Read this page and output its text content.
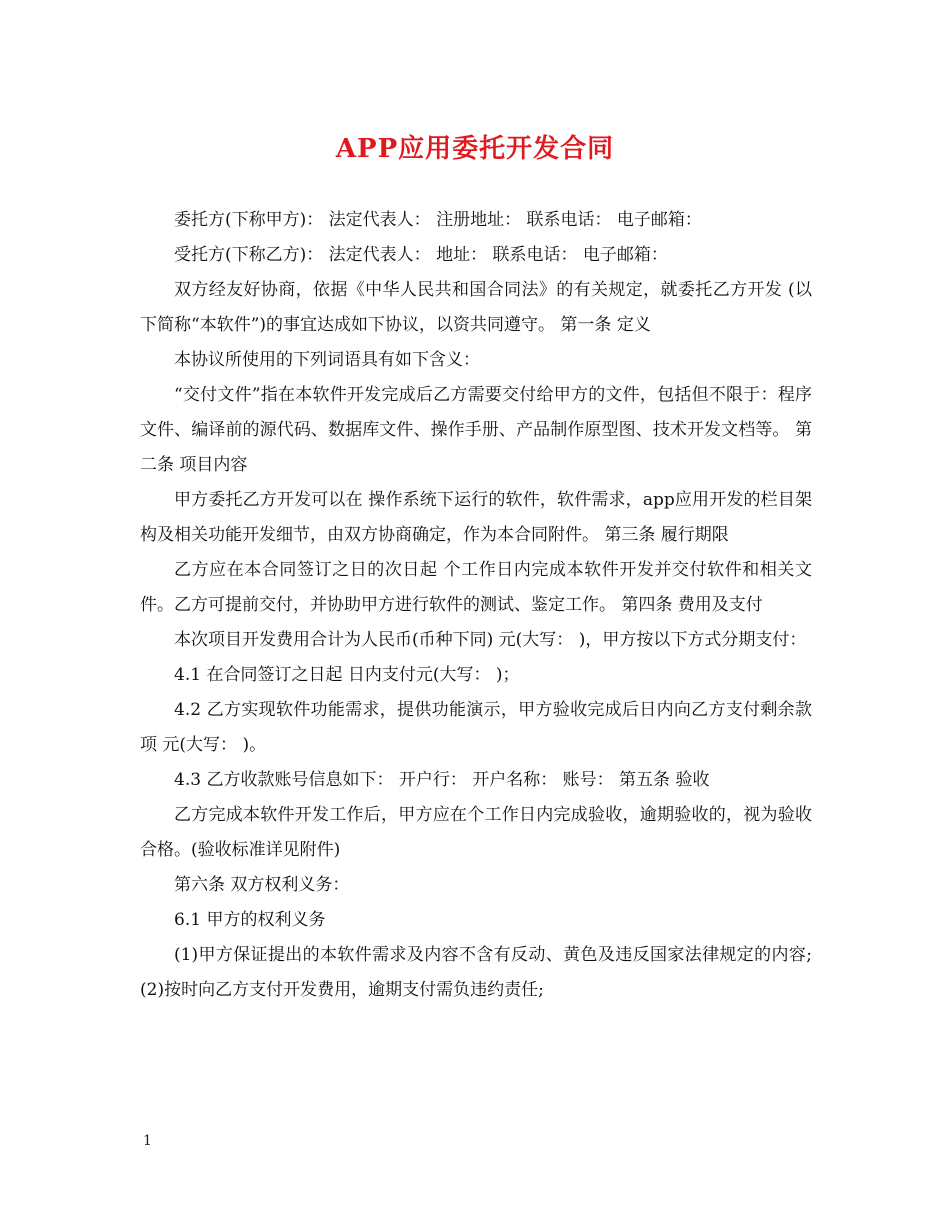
APP应用委托开发合同

委托方(下称甲方)： 法定代表人： 注册地址： 联系电话： 电子邮箱：

受托方(下称乙方)： 法定代表人： 地址： 联系电话： 电子邮箱：

双方经友好协商，依据《中华人民共和国合同法》的有关规定，就委托乙方开发 (以下简称“本软件”)的事宜达成如下协议，以资共同遵守。 第一条 定义

本协议所使用的下列词语具有如下含义：

“交付文件”指在本软件开发完成后乙方需要交付给甲方的文件，包括但不限于：程序文件、编译前的源代码、数据库文件、操作手册、产品制作原型图、技术开发文档等。 第二条 项目内容

甲方委托乙方开发可以在 操作系统下运行的软件，软件需求，app应用开发的栏目架构及相关功能开发细节，由双方协商确定，作为本合同附件。 第三条 履行期限

乙方应在本合同签订之日的次日起 个工作日内完成本软件开发并交付软件和相关文件。乙方可提前交付，并协助甲方进行软件的测试、鉴定工作。 第四条 费用及支付

本次项目开发费用合计为人民币(币种下同) 元(大写： )，甲方按以下方式分期支付：

4.1 在合同签订之日起 日内支付元(大写： )；

4.2 乙方实现软件功能需求，提供功能演示，甲方验收完成后日内向乙方支付剩余款项 元(大写： )。

4.3 乙方收款账号信息如下： 开户行： 开户名称： 账号： 第五条 验收

乙方完成本软件开发工作后，甲方应在个工作日内完成验收，逾期验收的，视为验收合格。(验收标准详见附件)

第六条 双方权利义务：

6.1 甲方的权利义务

(1)甲方保证提出的本软件需求及内容不含有反动、黄色及违反国家法律规定的内容; (2)按时向乙方支付开发费用，逾期支付需负违约责任;

1
